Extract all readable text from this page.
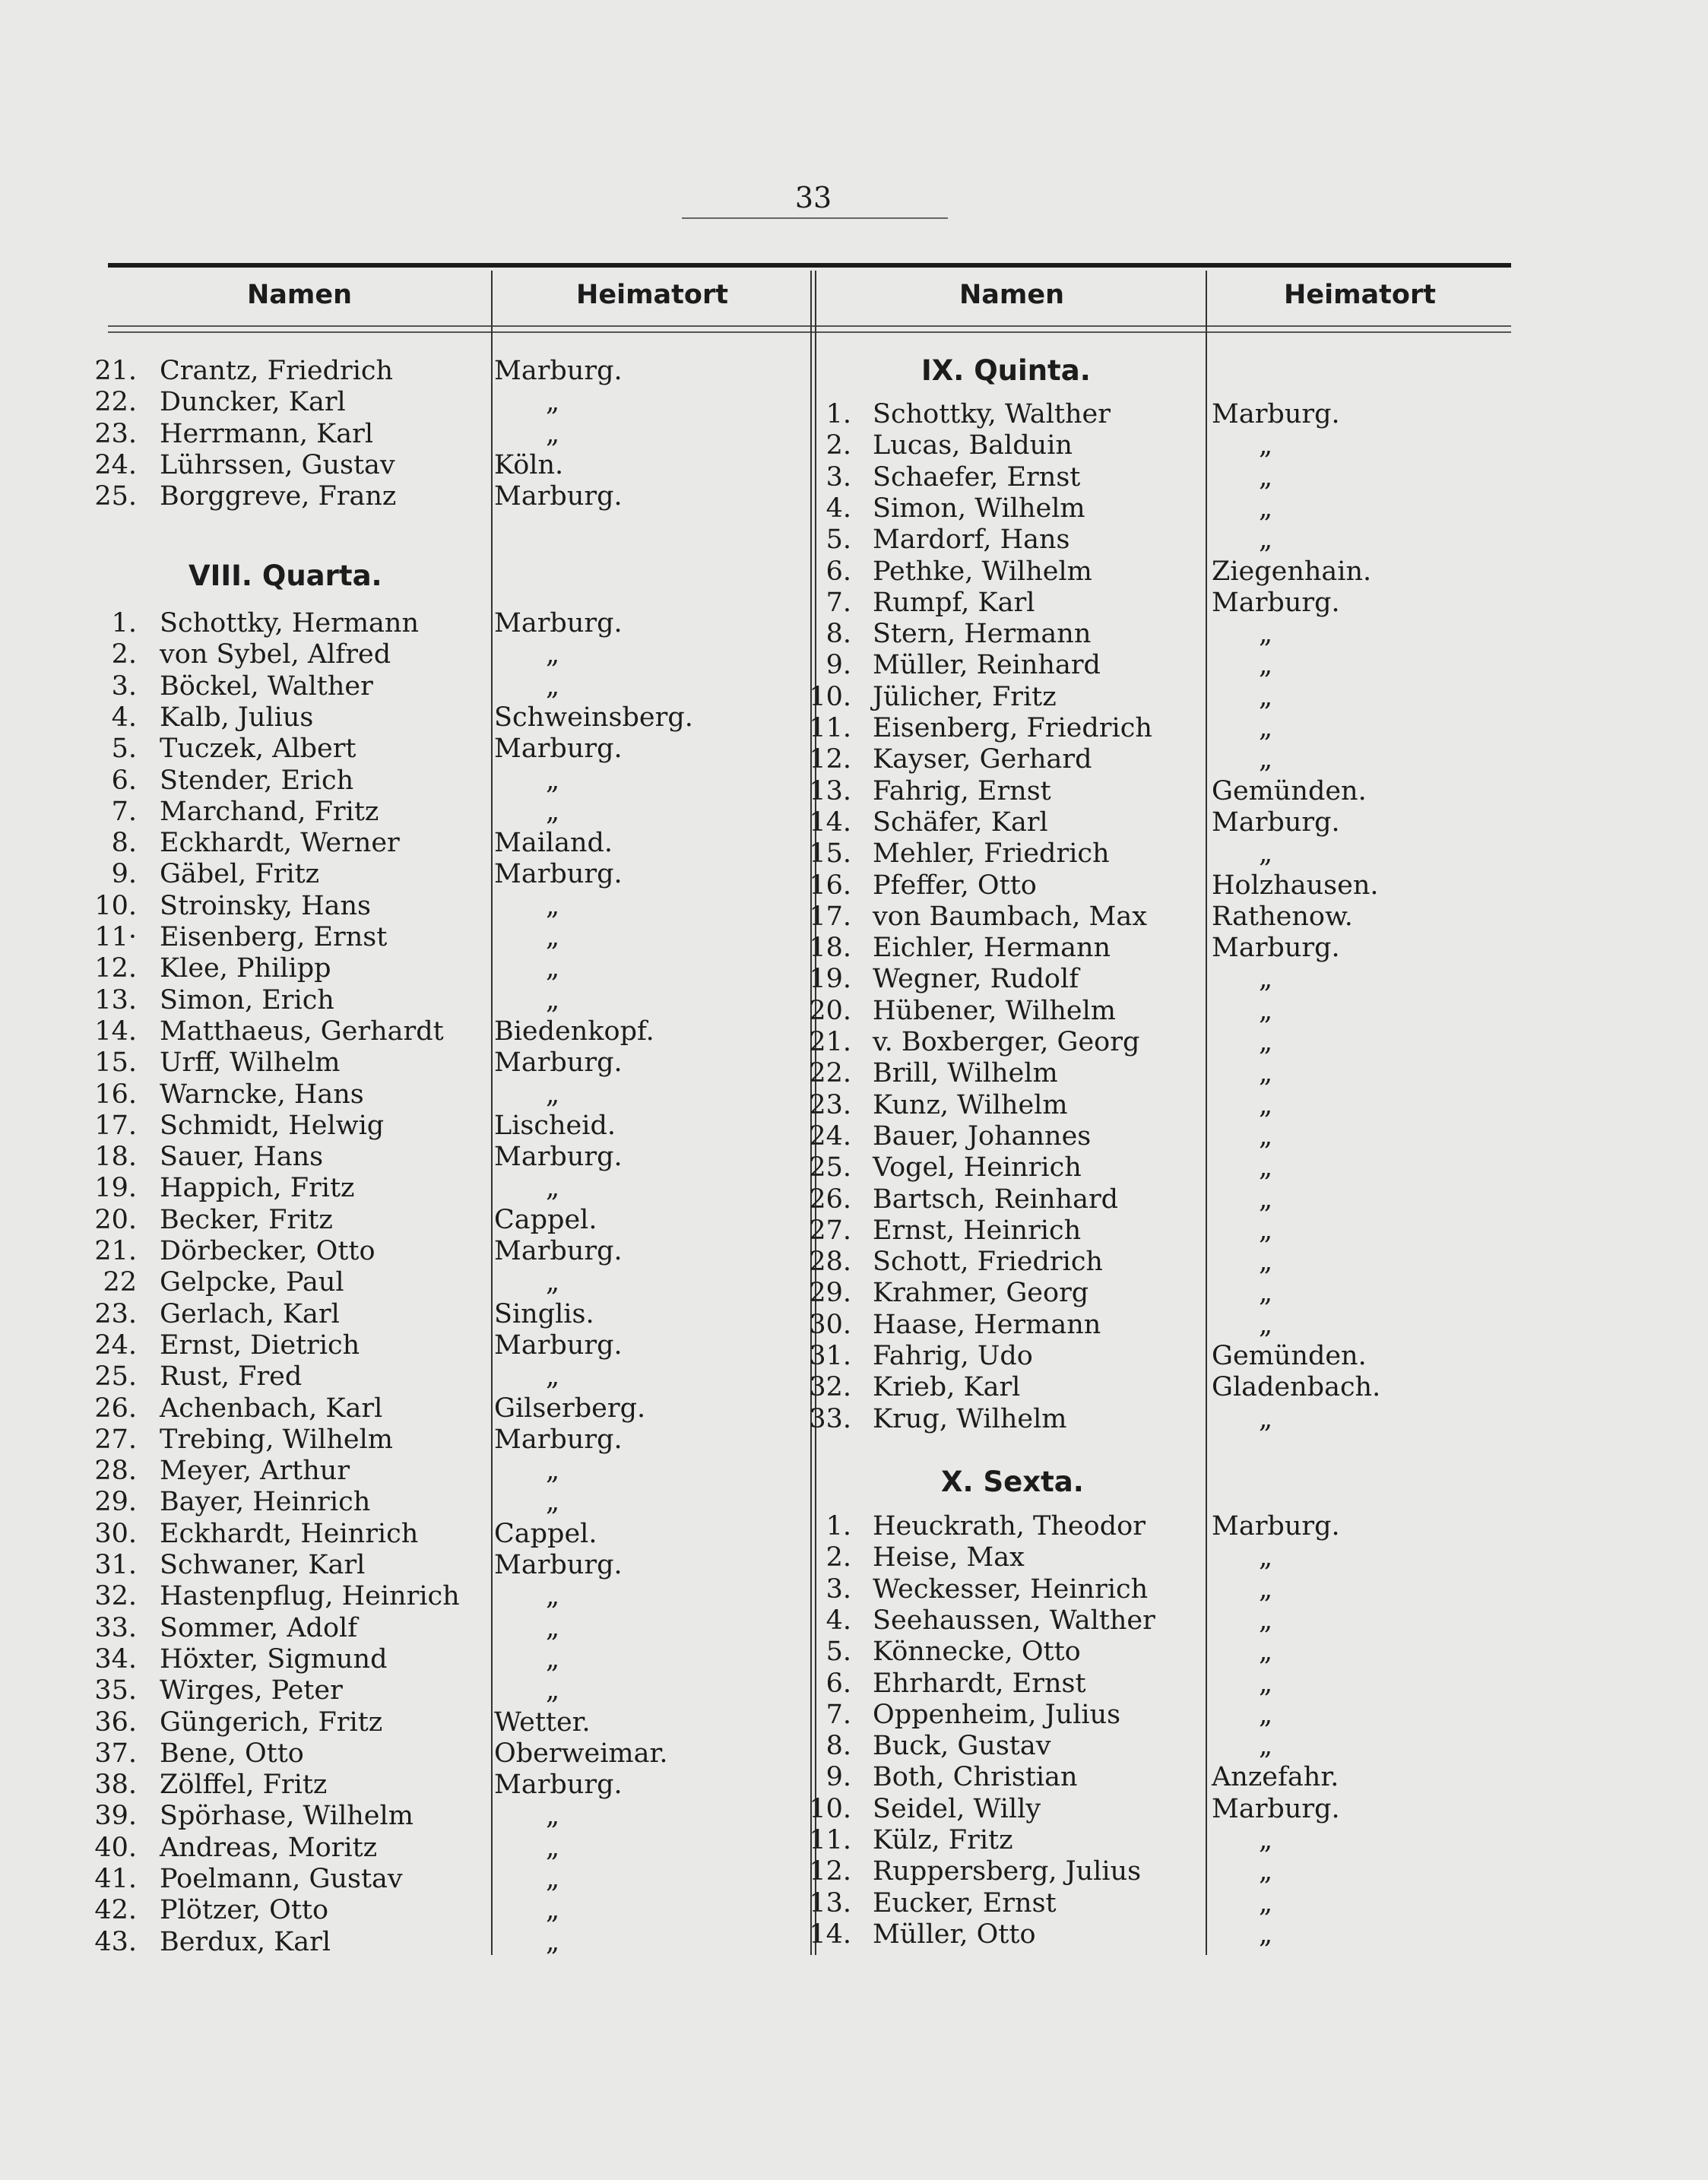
33
Namen	Heimatort	Namen	Heimatort
21. Crantz, Friedrich	Marburg.
22. Duncker, Karl	„
23. Herrmann, Karl	„
24. Lührssen, Gustav	Köln.
25. Borggreve, Franz	Marburg.
VIII. Quarta.
1. Schottky, Hermann	Marburg.
2. von Sybel, Alfred	„
3. Böckel, Walther	„
4. Kalb, Julius	Schweinsberg.
5. Tuczek, Albert	Marburg.
6. Stender, Erich	„
7. Marchand, Fritz	„
8. Eckhardt, Werner	Mailand.
9. Gäbel, Fritz	Marburg.
10. Stroinsky, Hans	„
11· Eisenberg, Ernst	„
12. Klee, Philipp	„
13. Simon, Erich	„
14. Matthaeus, Gerhardt Biedenkopf.
15. Urff, Wilhelm	Marburg.
16. Warncke, Hans	„
17. Schmidt, Helwig	Lischeid.
18. Sauer, Hans	Marburg.
19. Happich, Fritz	„
20. Becker, Fritz	Cappel.
21. Dörbecker, Otto	Marburg.
22 Gelpcke, Paul	„
23. Gerlach, Karl	Singlis.
24. Ernst, Dietrich	Marburg.
25. Rust, Fred	„
26. Achenbach, Karl	Gilserberg.
27. Trebing, Wilhelm	Marburg.
28. Meyer, Arthur	„
29. Bayer, Heinrich	„
30. Eckhardt, Heinrich	Cappel.
31. Schwaner, Karl	Marburg.
32. Hastenpflug, Heinrich	„
33. Sommer, Adolf	„
34. Höxter, Sigmund	„
35. Wirges, Peter	„
36. Güngerich, Fritz	Wetter.
37. Bene, Otto	Oberweimar.
38. Zölffel, Fritz	Marburg.
39. Spörhase, Wilhelm	„
40. Andreas, Moritz	„
41. Poelmann, Gustav	„
42. Plötzer, Otto	„
43. Berdux, Karl	„
IX. Quinta.
1. Schottky, Walther	Marburg.
2. Lucas, Balduin	„
3. Schaefer, Ernst	„
4. Simon, Wilhelm	„
5. Mardorf, Hans	„
6. Pethke, Wilhelm	Ziegenhain.
7. Rumpf, Karl	Marburg.
8. Stern, Hermann	„
9. Müller, Reinhard	„
10. Jülicher, Fritz	„
11. Eisenberg, Friedrich	„
12. Kayser, Gerhard	„
13. Fahrig, Ernst	Gemünden.
14. Schäfer, Karl	Marburg.
15. Mehler, Friedrich	„
16. Pfeffer, Otto	Holzhausen.
17. von Baumbach, Max Rathenow.
18. Eichler, Hermann	Marburg.
19. Wegner, Rudolf	„
20. Hübener, Wilhelm	„
21. v. Boxberger, Georg	„
22. Brill, Wilhelm	„
23. Kunz, Wilhelm	„
24. Bauer, Johannes	„
25. Vogel, Heinrich	„
26. Bartsch, Reinhard	„
27. Ernst, Heinrich	„
28. Schott, Friedrich	„
29. Krahmer, Georg	„
30. Haase, Hermann	„
31. Fahrig, Udo	Gemünden.
32. Krieb, Karl	Gladenbach.
33. Krug, Wilhelm	„
X. Sexta.
1. Heuckrath, Theodor Marburg.
2. Heise, Max	„
3. Weckesser, Heinrich	„
4. Seehaussen, Walther	„
5. Könnecke, Otto	„
6. Ehrhardt, Ernst	„
7. Oppenheim, Julius	„
8. Buck, Gustav	„
9. Both, Christian	Anzefahr.
10. Seidel, Willy	Marburg.
11. Külz, Fritz	„
12. Ruppersberg, Julius	„
13. Eucker, Ernst	„
14. Müller, Otto	„
